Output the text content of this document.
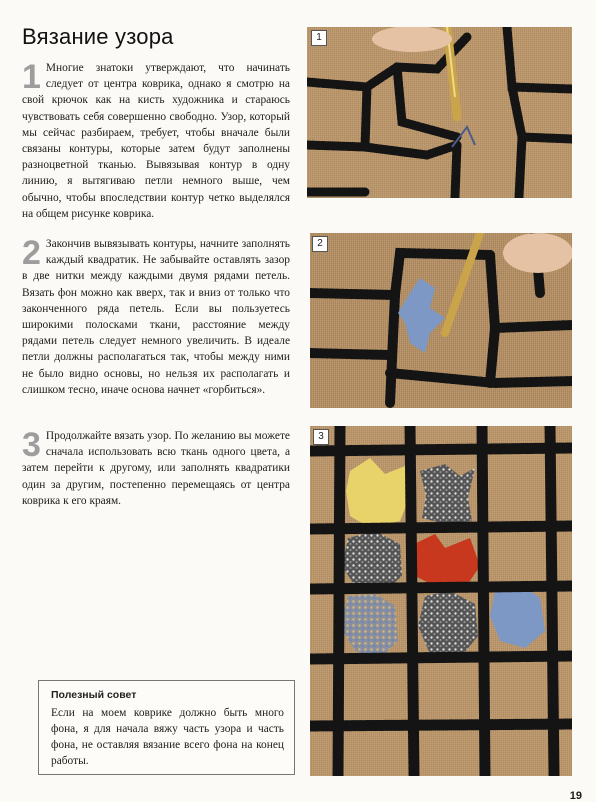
Вязание узора
1 Многие знатоки утверждают, что начинать следует от центра коврика, однако я смотрю на свой крючок как на кисть художника и стараюсь чувствовать себя совершенно свободно. Узор, который мы сейчас разбираем, требует, чтобы вначале были связаны контуры, которые затем будут заполнены разноцветной тканью. Вывязывая контур в одну линию, я вытягиваю петли немного выше, чем обычно, чтобы впоследствии контур четко выделялся на общем рисунке коврика.

2 Закончив вывязывать контуры, начните заполнять каждый квадратик. Не забывайте оставлять зазор в две нитки между каждыми двумя рядами петель. Вязать фон можно как вверх, так и вниз от только что законченного ряда петель. Если вы пользуетесь широкими полосками ткани, расстояние между рядами петель следует немного увеличить. В идеале петли должны располагаться так, чтобы между ними не было видно основы, но нельзя их располагать и слишком тесно, иначе основа начнет «горбиться».

3 Продолжайте вязать узор. По желанию вы можете сначала использовать всю ткань одного цвета, а затем перейти к другому, или заполнять квадратики один за другим, постепенно перемещаясь от центра коврика к его краям.

Полезный совет
Если на моем коврике должно быть много фона, я для начала вяжу часть узора и часть фона, не оставляя вязание всего фона на конец работы.
1
2
3
19
